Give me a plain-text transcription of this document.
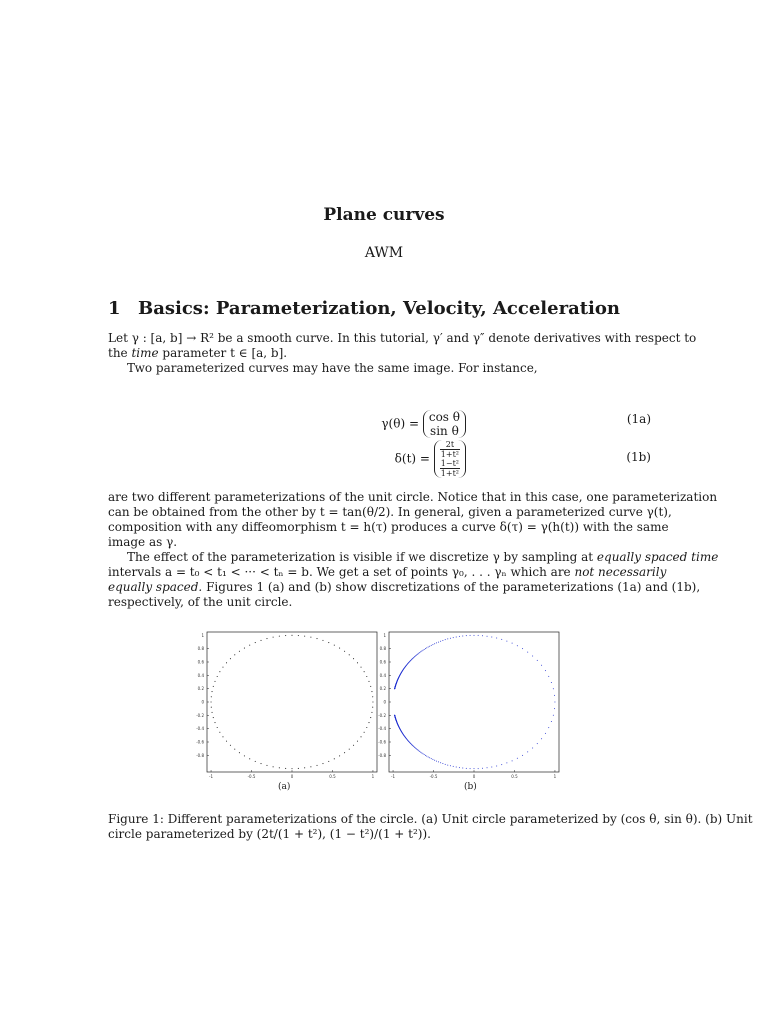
Plane curves
AWM
1 Basics: Parameterization, Velocity, Acceleration
Let γ : [a, b] → R² be a smooth curve. In this tutorial, γ′ and γ″ denote derivatives with respect to
the time parameter t ∈ [a, b].
Two parameterized curves may have the same image. For instance,
γ(θ) = cos θ
sin θ
(1a)
δ(t) =
2t
1+t²
1−t²
1+t²
(1b)
are two different parameterizations of the unit circle. Notice that in this case, one parameterization
can be obtained from the other by t = tan(θ/2). In general, given a parameterized curve γ(t),
composition with any diffeomorphism t = h(τ) produces a curve δ(τ) = γ(h(t)) with the same
image as γ.
The effect of the parameterization is visible if we discretize γ by sampling at equally spaced time
intervals a = t₀ < t₁ < ··· < tₙ = b. We get a set of points γ₀, . . . γₙ which are not necessarily
equally spaced. Figures 1 (a) and (b) show discretizations of the parameterizations (1a) and (1b),
respectively, of the unit circle.
0.8
0.6
0.4
0.2
0
-0.2
-0.4
-0.6
-0.8
1
-1	-0.5	0	0.5	1
0.8
0.6
0.4
0.2
0
-0.2
-0.4
-0.6
-0.8
1
-1	-0.5	0	0.5	1
(a)	(b)
Figure 1: Different parameterizations of the circle. (a) Unit circle parameterized by (cos θ, sin θ). (b) Unit
circle parameterized by (2t/(1 + t²), (1 − t²)/(1 + t²)).
